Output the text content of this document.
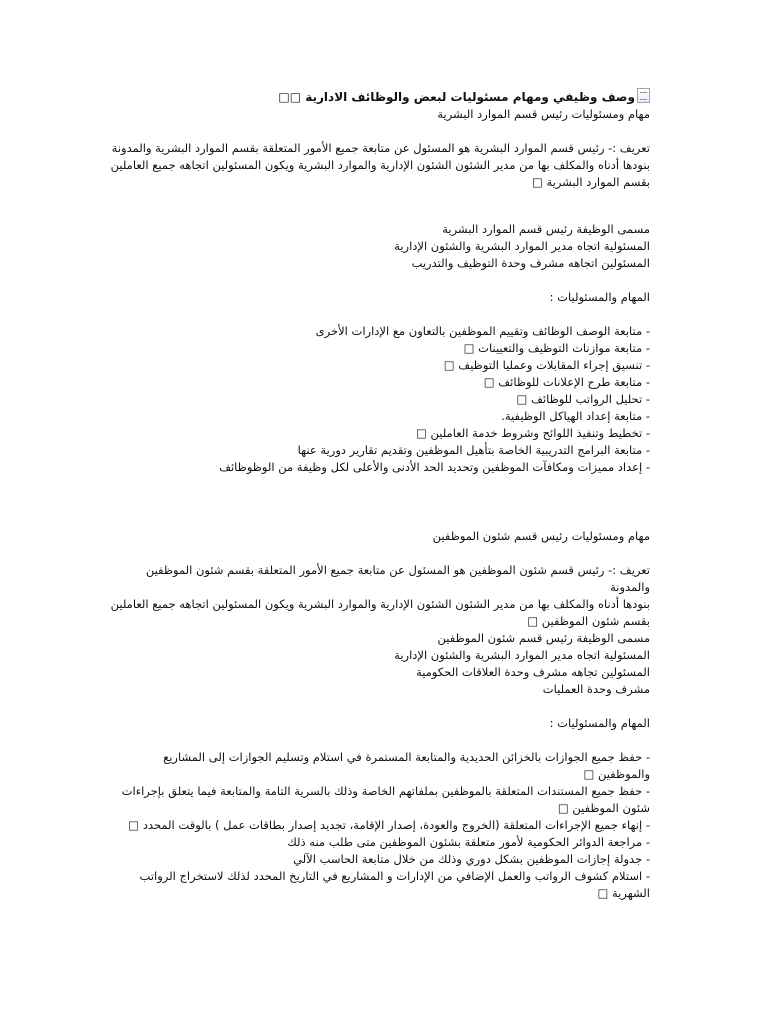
وصف وظيفي ومهام مسئوليات لبعض والوظائف الادارية □□
مهام ومسئوليات رئيس قسم الموارد البشرية
تعريف :- رئيس قسم الموارد البشرية هو المسئول عن متابعة جميع الأمور المتعلقة بقسم الموارد البشرية والمدونة
بنودها أدناه والمكلف بها من مدير الشئون الشئون الإدارية والموارد البشرية ويكون المسئولين اتجاهه جميع العاملين
بقسم الموارد البشرية □
مسمى الوظيفة رئيس قسم الموارد البشرية
المسئولية اتجاه مدير الموارد البشرية والشئون الإدارية
المسئولين اتجاهه مشرف وحدة التوظيف والتدريب
المهام والمسئوليات :
- متابعة الوصف الوظائف وتقييم الموظفين بالتعاون مع الإدارات الأخرى
- متابعة موازنات التوظيف والتعيينات □
- تنسيق إجراء المقابلات وعمليا التوظيف □
- متابعة طرح الإعلانات للوظائف □
- تحليل الرواتب للوظائف □
- متابعة إعداد الهياكل الوظيفية.
- تخطيط وتنفيذ اللوائح وشروط خدمة العاملين □
- متابعة البرامج التدريبية الخاصة بتأهيل الموظفين وتقديم تقارير دورية عنها
- إعداد مميزات ومكافآت الموظفين وتحديد الحد الأدنى والأعلى لكل وظيفة من الوظوظائف
مهام ومسئوليات رئيس قسم شئون الموظفين
تعريف :- رئيس قسم شئون الموظفين هو المسئول عن متابعة جميع الأمور المتعلقة بقسم شئون الموظفين والمدونة
بنودها أدناه والمكلف بها من مدير الشئون الشئون الإدارية والموارد البشرية ويكون المسئولين اتجاهه جميع العاملين
بقسم شئون الموظفين □
مسمى الوظيفة رئيس قسم شئون الموظفين
المسئولية اتجاه مدير الموارد البشرية والشئون الإدارية
المسئولين تجاهه مشرف وحدة العلاقات الحكومية
مشرف وحدة العمليات
المهام والمسئوليات :
- حفظ جميع الجوازات بالخزائن الحديدية والمتابعة المستمرة في استلام وتسليم الجوازات إلى المشاريع والموظفين □
- حفظ جميع المستندات المتعلقة بالموظفين بملفاتهم الخاصة وذلك بالسرية التامة والمتابعة فيما يتعلق بإجراءات شئون الموظفين □
- إنهاء جميع الإجراءات المتعلقة (الخروج والعودة، إصدار الإقامة، تجديد إصدار بطاقات عمل ) بالوقت المحدد □
- مراجعة الدوائر الحكومية لأمور متعلقة بشئون الموظفين متى طلب منه ذلك
- جدولة إجازات الموظفين بشكل دوري وذلك من خلال متابعة الحاسب الآلي
- استلام كشوف الرواتب والعمل الإضافي من الإدارات و المشاريع في التاريخ المحدد لذلك لاستخراج الرواتب الشهرية □
